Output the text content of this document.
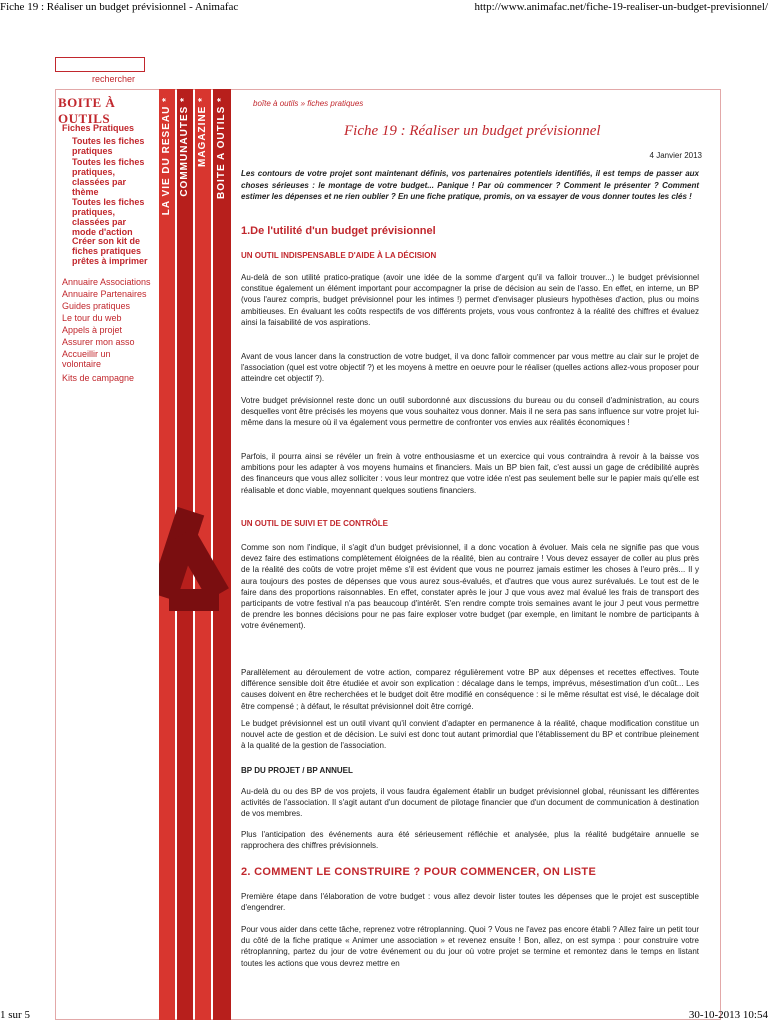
Fiche 19 : Réaliser un budget prévisionnel - Animafac	http://www.animafac.net/fiche-19-realiser-un-budget-previsionnel/
rechercher
BOITE À OUTILS
Fiches Pratiques
Toutes les fiches pratiques
Toutes les fiches pratiques, classées par thème
Toutes les fiches pratiques, classées par mode d'action
Créer son kit de fiches pratiques prêtes à imprimer
Annuaire Associations
Annuaire Partenaires
Guides pratiques
Le tour du web
Appels à projet
Assurer mon asso
Accueillir un volontaire
Kits de campagne
LA VIE DU RESEAU * COMMUNAUTES * MAGAZINE * BOITE A OUTILS *	boîte à outils » fiches pratiques
Fiche 19 : Réaliser un budget prévisionnel
4 Janvier 2013
Les contours de votre projet sont maintenant définis, vos partenaires potentiels identifiés, il est temps de passer aux choses sérieuses : le montage de votre budget... Panique ! Par où commencer ? Comment le présenter ? Comment estimer les dépenses et ne rien oublier ? En une fiche pratique, promis, on va essayer de vous donner toutes les clés !
1.De l'utilité d'un budget prévisionnel
UN OUTIL INDISPENSABLE D'AIDE À LA DÉCISION
Au-delà de son utilité pratico-pratique (avoir une idée de la somme d'argent qu'il va falloir trouver...) le budget prévisionnel constitue également un élément important pour accompagner la prise de décision au sein de l'asso. En effet, en interne, un BP (vous l'aurez compris, budget prévisionnel pour les intimes !) permet d'envisager plusieurs hypothèses d'action, plus ou moins ambitieuses. En évaluant les coûts respectifs de vos différents projets, vous vous confrontez à la réalité des chiffres et évaluez ainsi la faisabilité de vos aspirations.
Avant de vous lancer dans la construction de votre budget, il va donc falloir commencer par vous mettre au clair sur le projet de l'association (quel est votre objectif ?) et les moyens à mettre en oeuvre pour le réaliser (quelles actions allez-vous proposer pour atteindre cet objectif ?).
Votre budget prévisionnel reste donc un outil subordonné aux discussions du bureau ou du conseil d'administration, au cours desquelles vont être précisés les moyens que vous souhaitez vous donner. Mais il ne sera pas sans influence sur votre projet lui-même dans la mesure où il va également vous permettre de confronter vos envies aux réalités économiques !
Parfois, il pourra ainsi se révéler un frein à votre enthousiasme et un exercice qui vous contraindra à revoir à la baisse vos ambitions pour les adapter à vos moyens humains et financiers. Mais un BP bien fait, c'est aussi un gage de crédibilité auprès des financeurs que vous allez solliciter : vous leur montrez que votre idée n'est pas seulement belle sur le papier mais qu'elle est réalisable et donc viable, moyennant quelques soutiens financiers.
UN OUTIL DE SUIVI ET DE CONTRÔLE
Comme son nom l'indique, il s'agit d'un budget prévisionnel, il a donc vocation à évoluer. Mais cela ne signifie pas que vous devez faire des estimations complètement éloignées de la réalité, bien au contraire ! Vous devez essayer de coller au plus près de la réalité des coûts de votre projet même s'il est évident que vous ne pourrez jamais estimer les choses à l'euro près... Il y aura toujours des postes de dépenses que vous aurez sous-évalués, et d'autres que vous aurez surévalués. Le tout est de le faire dans des proportions raisonnables. En effet, constater après le jour J que vous avez mal évalué les frais de transport des participants de votre festival n'a pas beaucoup d'intérêt. S'en rendre compte trois semaines avant le jour J peut vous permettre de prendre les bonnes décisions pour ne pas faire exploser votre budget (par exemple, en limitant le nombre de participants à votre événement).
Parallèlement au déroulement de votre action, comparez régulièrement votre BP aux dépenses et recettes effectives. Toute différence sensible doit être étudiée et avoir son explication : décalage dans le temps, imprévus, mésestimation d'un coût... Les causes doivent en être recherchées et le budget doit être modifié en conséquence : si le même résultat est visé, le décalage doit être compensé ; à défaut, le résultat prévisionnel doit être corrigé.
Le budget prévisionnel est un outil vivant qu'il convient d'adapter en permanence à la réalité, chaque modification constitue un nouvel acte de gestion et de décision. Le suivi est donc tout autant primordial que l'établissement du BP et contribue pleinement à la qualité de la gestion de l'association.
BP DU PROJET / BP ANNUEL
Au-delà du ou des BP de vos projets, il vous faudra également établir un budget prévisionnel global, réunissant les différentes activités de l'association. Il s'agit autant d'un document de pilotage financier que d'un document de communication à destination de vos membres.
Plus l'anticipation des événements aura été sérieusement réfléchie et analysée, plus la réalité budgétaire annuelle se rapprochera des chiffres prévisionnels.
2. COMMENT LE CONSTRUIRE ? POUR COMMENCER, ON LISTE
Première étape dans l'élaboration de votre budget : vous allez devoir lister toutes les dépenses que le projet est susceptible d'engendrer.
Pour vous aider dans cette tâche, reprenez votre rétroplanning. Quoi ? Vous ne l'avez pas encore établi ? Allez faire un petit tour du côté de la fiche pratique « Animer une association » et revenez ensuite ! Bon, allez, on est sympa : pour construire votre rétroplanning, partez du jour de votre événement ou du jour où votre projet se termine et remontez dans le temps en listant toutes les actions que vous devrez mettre en
1 sur 5	30-10-2013 10:54
